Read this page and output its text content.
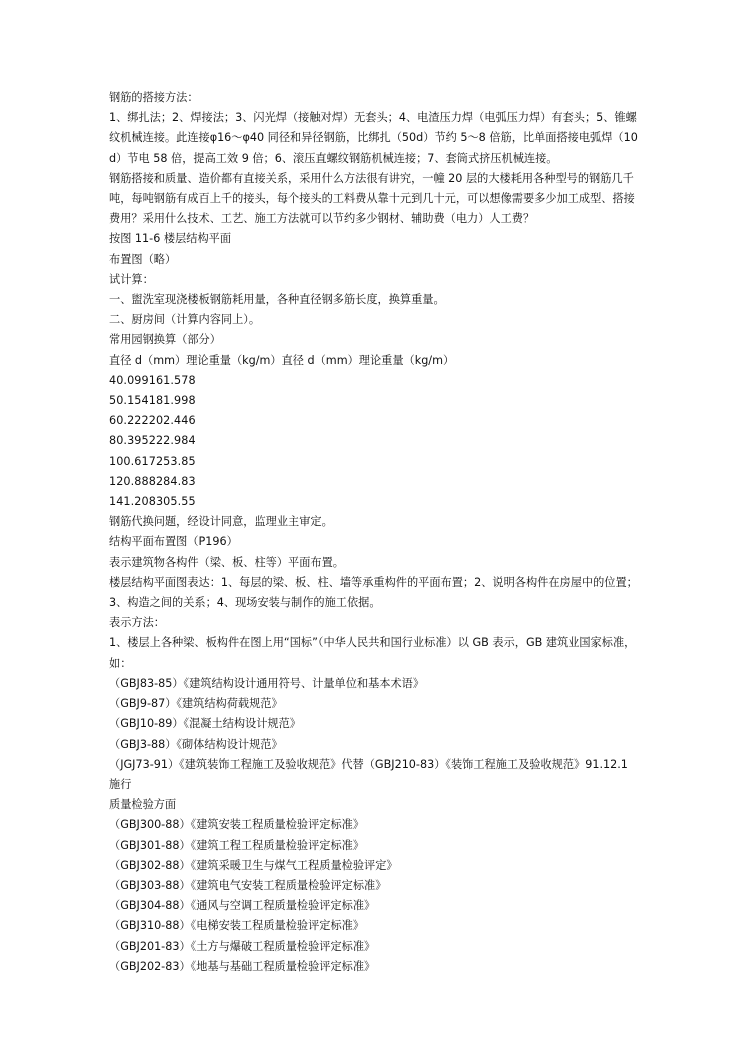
钢筋的搭接方法：

1、绑扎法；2、焊接法；3、闪光焊（接触对焊）无套头；4、电渣压力焊（电弧压力焊）有套头；5、锥螺纹机械连接。此连接φ16～φ40 同径和异径钢筋，比绑扎（50d）节约 5～8 倍筋，比单面搭接电弧焊（10d）节电 58 倍，提高工效 9 倍；6、滚压直螺纹钢筋机械连接；7、套筒式挤压机械连接。

钢筋搭接和质量、造价都有直接关系，采用什么方法很有讲究，一幢 20 层的大楼耗用各种型号的钢筋几千吨，每吨钢筋有成百上千的接头，每个接头的工料费从靠十元到几十元，可以想像需要多少加工成型、搭接费用？采用什么技术、工艺、施工方法就可以节约多少钢材、辅助费（电力）人工费？

按图 11-6 楼层结构平面

布置图（略）

试计算：

一、盥洗室现浇楼板钢筋耗用量，各种直径钢多筋长度，换算重量。

二、厨房间（计算内容同上）。

常用园钢换算（部分）

直径 d（mm）理论重量（kg/m）直径 d（mm）理论重量（kg/m）

40.099161.578

50.154181.998

60.222202.446

80.395222.984

100.617253.85

120.888284.83

141.208305.55

钢筋代换问题，经设计同意，监理业主审定。

结构平面布置图（P196）

表示建筑物各构件（梁、板、柱等）平面布置。

楼层结构平面图表达：1、每层的梁、板、柱、墙等承重构件的平面布置；2、说明各构件在房屋中的位置；3、构造之间的关系；4、现场安装与制作的施工依据。

表示方法：

1、楼层上各种梁、板构件在图上用“国标”（中华人民共和国行业标准）以 GB 表示，GB 建筑业国家标准，如：

（GBJ83-85）《建筑结构设计通用符号、计量单位和基本术语》

（GBJ9-87）《建筑结构荷载规范》

（GBJ10-89）《混凝土结构设计规范》

（GBJ3-88）《砌体结构设计规范》

（JGJ73-91）《建筑装饰工程施工及验收规范》代替（GBJ210-83）《装饰工程施工及验收规范》91.12.1 施行

质量检验方面

（GBJ300-88）《建筑安装工程质量检验评定标准》

（GBJ301-88）《建筑工程工程质量检验评定标准》

（GBJ302-88）《建筑采暖卫生与煤气工程质量检验评定》

（GBJ303-88）《建筑电气安装工程质量检验评定标准》

（GBJ304-88）《通风与空调工程质量检验评定标准》

（GBJ310-88）《电梯安装工程质量检验评定标准》

（GBJ201-83）《土方与爆破工程质量检验评定标准》

（GBJ202-83）《地基与基础工程质量检验评定标准》
